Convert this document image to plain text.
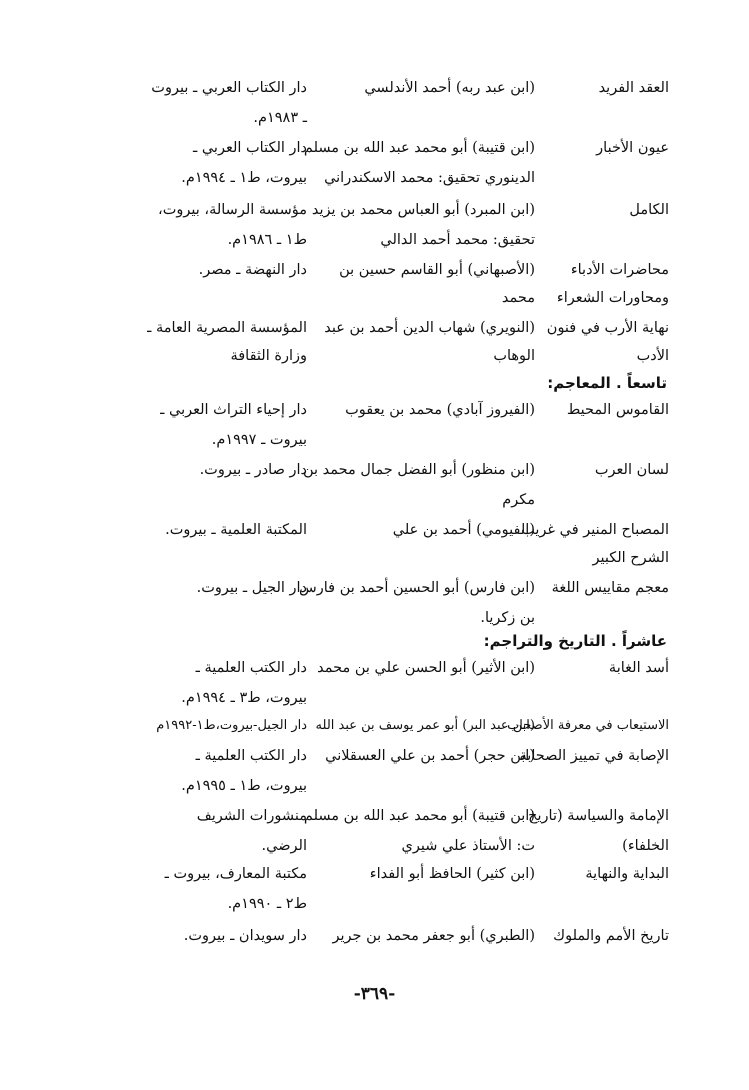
العقد الفريد
(ابن عبد ربه) أحمد الأندلسي
دار الكتاب العربي ـ بيروت
ـ ١٩٨٣م.
عيون الأخبار
(ابن قتيبة) أبو محمد عبد الله بن مسلم
دار الكتاب العربي ـ
الدينوري تحقيق: محمد الاسكندراني
بيروت، ط١ ـ ١٩٩٤م.
الكامل
(ابن المبرد) أبو العباس محمد بن يزيد
مؤسسة الرسالة، بيروت،
تحقيق: محمد أحمد الدالي
ط١ ـ ١٩٨٦م.
محاضرات الأدباء
(الأصبهاني) أبو القاسم حسين بن
دار النهضة ـ مصر.
ومحاورات الشعراء
محمد
نهاية الأرب في فنون
(النويري) شهاب الدين أحمد بن عبد
المؤسسة المصرية العامة ـ
الأدب
الوهاب
وزارة الثقافة
تاسعاً . المعاجم:
القاموس المحيط
(الفيروز آبادي) محمد بن يعقوب
دار إحياء التراث العربي ـ
بيروت ـ ١٩٩٧م.
لسان العرب
(ابن منظور) أبو الفضل جمال محمد بن
دار صادر ـ بيروت.
مكرم
المصباح المنير في غريب
(الفيومي) أحمد بن علي
المكتبة العلمية ـ بيروت.
الشرح الكبير
معجم مقاييس اللغة
(ابن فارس) أبو الحسين أحمد بن فارس
دار الجيل ـ بيروت.
بن زكريا.
عاشراً . التاريخ والتراجم:
أسد الغابة
(ابن الأثير) أبو الحسن علي بن محمد
دار الكتب العلمية ـ
بيروت، ط٣ ـ ١٩٩٤م.
الاستيعاب في معرفة الأصحاب
(ابن عبد البر) أبو عمر يوسف بن عبد الله
دار الجيل-بيروت،ط١-١٩٩٢م
الإصابة في تمييز الصحابة
(ابن حجر) أحمد بن علي العسقلاني
دار الكتب العلمية ـ
بيروت، ط١ ـ ١٩٩٥م.
الإمامة والسياسة (تاريخ
(ابن قتيبة) أبو محمد عبد الله بن مسلم
منشورات الشريف
الخلفاء)
ت: الأستاذ علي شيري
الرضي.
البداية والنهاية
(ابن كثير) الحافظ أبو الفداء
مكتبة المعارف، بيروت ـ
ط٢ ـ ١٩٩٠م.
تاريخ الأمم والملوك
(الطبري) أبو جعفر محمد بن جرير
دار سويدان ـ بيروت.
-٣٦٩-
